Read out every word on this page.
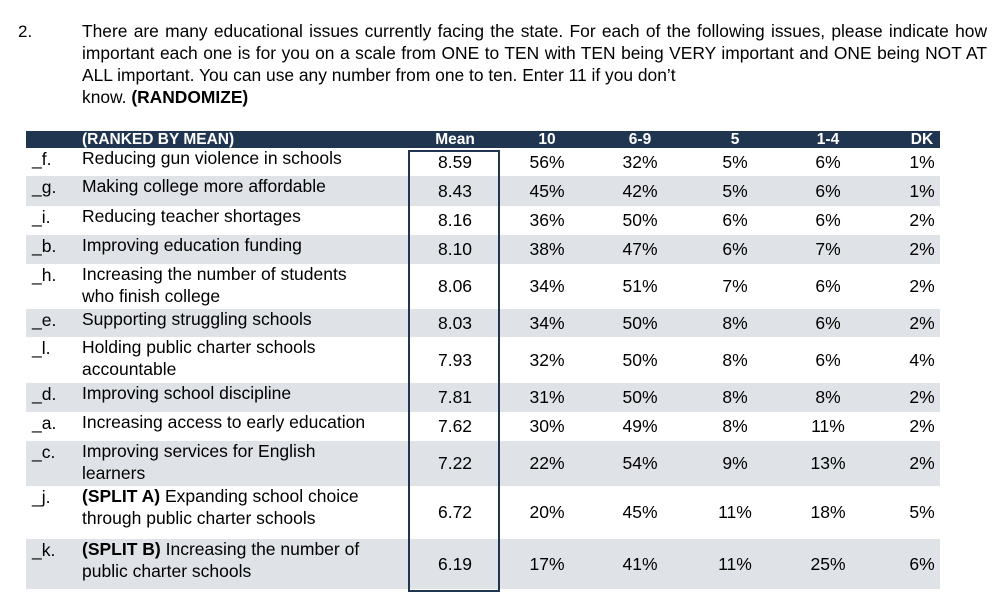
2.	There are many educational issues currently facing the state. For each of the following issues, please indicate how important each one is for you on a scale from ONE to TEN with TEN being VERY important and ONE being NOT AT ALL important. You can use any number from one to ten. Enter 11 if you don’t
know. (RANDOMIZE)
(RANKED BY MEAN)	Mean	10	6-9	5	1-4	DK
_f. Reducing gun violence in schools	8.59	56%	32%	5%	6%	1%
_g. Making college more affordable	8.43	45%	42%	5%	6%	1%
_i. Reducing teacher shortages	8.16	36%	50%	6%	6%	2%
_b. Improving education funding	8.10	38%	47%	6%	7%	2%
_h. Increasing the number of students
who finish college	8.06	34%	51%	7%	6%	2%
_e. Supporting struggling schools	8.03	34%	50%	8%	6%	2%
_l. Holding public charter schools
accountable	7.93	32%	50%	8%	6%	4%
_d. Improving school discipline	7.81	31%	50%	8%	8%	2%
_a. Increasing access to early education	7.62	30%	49%	8%	11%	2%
_c. Improving services for English
learners	7.22	22%	54%	9%	13%	2%
_j. (SPLIT A) Expanding school choice
through public charter schools	6.72	20%	45%	11%	18%	5%
_k. (SPLIT B) Increasing the number of
public charter schools	6.19	17%	41%	11%	25%	6%
